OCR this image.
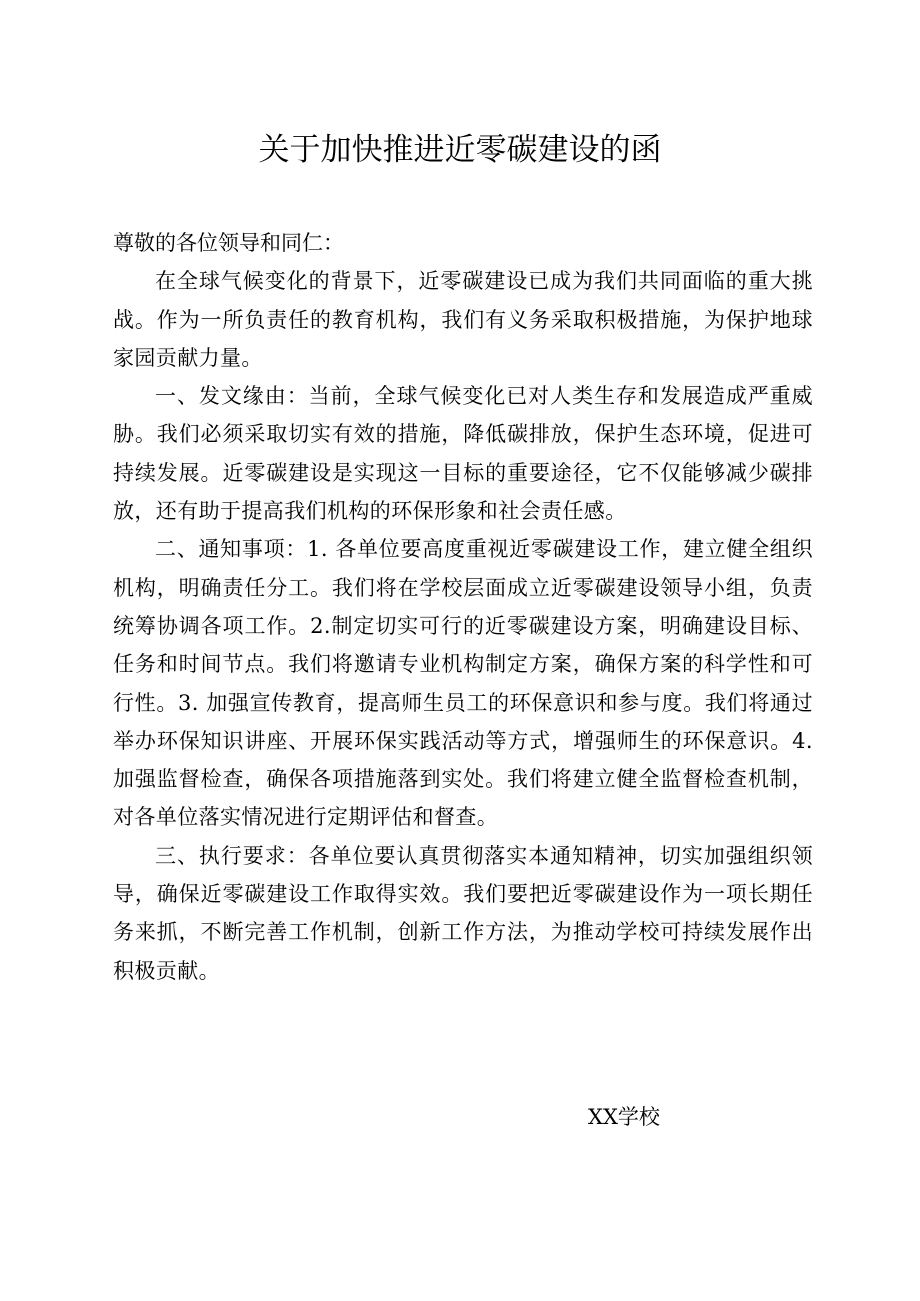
关于加快推进近零碳建设的函

尊敬的各位领导和同仁：

在全球气候变化的背景下，近零碳建设已成为我们共同面临的重大挑战。作为一所负责任的教育机构，我们有义务采取积极措施，为保护地球家园贡献力量。

一、发文缘由：当前，全球气候变化已对人类生存和发展造成严重威胁。我们必须采取切实有效的措施，降低碳排放，保护生态环境，促进可持续发展。近零碳建设是实现这一目标的重要途径，它不仅能够减少碳排放，还有助于提高我们机构的环保形象和社会责任感。

二、通知事项：1. 各单位要高度重视近零碳建设工作，建立健全组织机构，明确责任分工。我们将在学校层面成立近零碳建设领导小组，负责统筹协调各项工作。2.制定切实可行的近零碳建设方案，明确建设目标、任务和时间节点。我们将邀请专业机构制定方案，确保方案的科学性和可行性。3. 加强宣传教育，提高师生员工的环保意识和参与度。我们将通过举办环保知识讲座、开展环保实践活动等方式，增强师生的环保意识。4. 加强监督检查，确保各项措施落到实处。我们将建立健全监督检查机制，对各单位落实情况进行定期评估和督查。

三、执行要求：各单位要认真贯彻落实本通知精神，切实加强组织领导，确保近零碳建设工作取得实效。我们要把近零碳建设作为一项长期任务来抓，不断完善工作机制，创新工作方法，为推动学校可持续发展作出积极贡献。

XX学校
